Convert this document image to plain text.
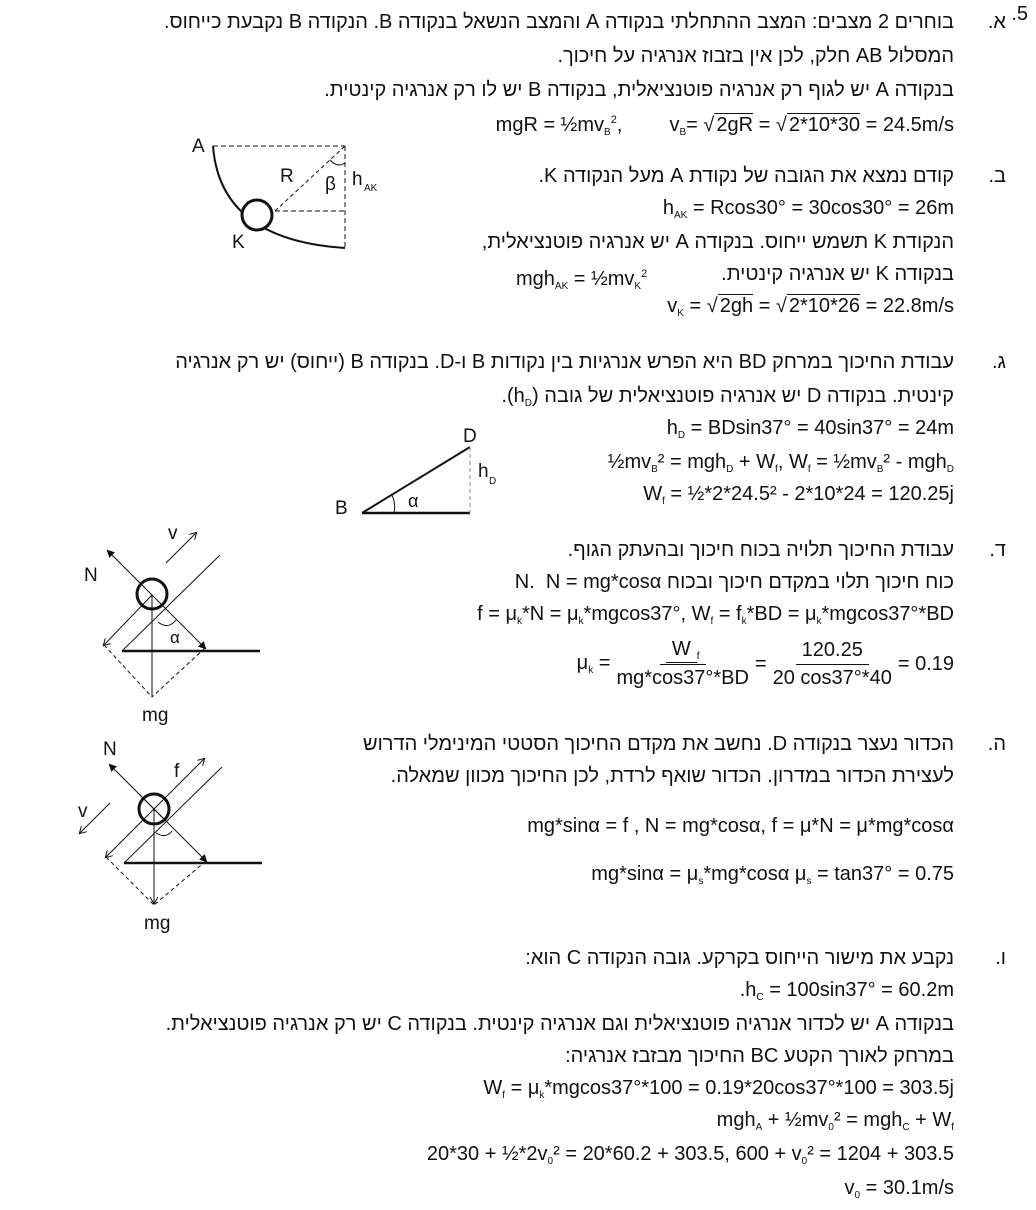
.5
א.
בוחרים 2 מצבים: המצב ההתחלתי בנקודה A והמצב הנשאל בנקודה B. הנקודה B נקבעת כייחוס.
המסלול AB חלק, לכן אין בזבוז אנרגיה על חיכוך.
בנקודה A יש לגוף רק אנרגיה פוטנציאלית, בנקודה B יש לו רק אנרגיה קינטית.
mgR = $\frac{1}{2}mv_B^2$, $v_B=$ √ 2gR = √ 2*10*30 = 24.5m/s
A
K
R β h AK
ב.
קודם נמצא את הגובה של נקודת A מעל הנקודה K.
$h_{AK} = Rcos30^\circ = 30\cos 30^\circ = 26m$
הנקודת K תשמש ייחוס. בנקודה A יש אנרגיה פוטנציאלית,
$mgh_{AK} = \frac{1}{2}mv_K^2$	בנקודה K יש אנרגיה קינטית.
$v_K$ = √ 2gh = √ 2*10*26 = 22.8m/s
ג.
עבודת החיכוך במרחק BD היא הפרש אנרגיות בין נקודות B ו-D. בנקודה B (ייחוס) יש רק אנרגיה
קינטית. בנקודה D יש אנרגיה פוטנציאלית של גובה $(h_D)$.
$h_D = BDsin37^\circ = 40\sin 37^\circ = 24m$
$\frac{1}{2}mv_B^2 = mgh_D + W_f$, $W_f$ = $\frac{1}{2}mv_B^2 - mgh_D$
$W_f$ = ½*2*24.5² - 2*10*24 = 120.25j
B
D
α
h D
ד.
עבודת החיכוך תלויה בכוח חיכוך ובהעתק הגוף.
כוח חיכוך תלוי במקדם חיכוך ובכוח N.  N = mg*cosα
$f = \mu_k*N = \mu_k*mgcos37^\circ$, $W_f = f_k*BD = \mu_k*mgcos37^\circ*BD$
$\mu_k = \frac{W _f}{mg*\cos 37^\circ*BD} = \frac{120.25}{20 \cos 37^\circ*40} = 0.19$
N
v
α
mg
ה.
הכדור נעצר בנקודה D. נחשב את מקדם החיכוך הסטטי המינימלי הדרוש
לעצירת הכדור במדרון. הכדור שואף לרדת, לכן החיכוך מכוון שמאלה.
mg*sinα = f , N = mg*cosα, f = μ*N = μ*mg*cosα
$mg*\sin\alpha = \mu_s*mg*\cos\alpha$ $\mu_s = \tan 37^\circ = 0.75$
N
f
v
mg
ו.
נקבע את מישור הייחוס בקרקע. גובה הנקודה C הוא:
$.h_C = 100\sin 37^\circ = 60.2m$
בנקודה A יש לכדור אנרגיה פוטנציאלית וגם אנרגיה קינטית. בנקודה C יש רק אנרגיה פוטנציאלית.
במרחק לאורך הקטע BC החיכוך מבזבז אנרגיה:
$W_f = \mu_k*mgcos37^\circ*100 = 0.19*20\cos 37^\circ*100 = 303.5j$
$mgh_A + \frac{1}{2}mv_0^2 = mgh_C + W_f$
$20*30 + \frac{1}{2}*2v_0^2 = 20*60.2 + 303.5$, $600 + v_0^2 = 1204 + 303.5$
$v_0 = 30.1m/s$
